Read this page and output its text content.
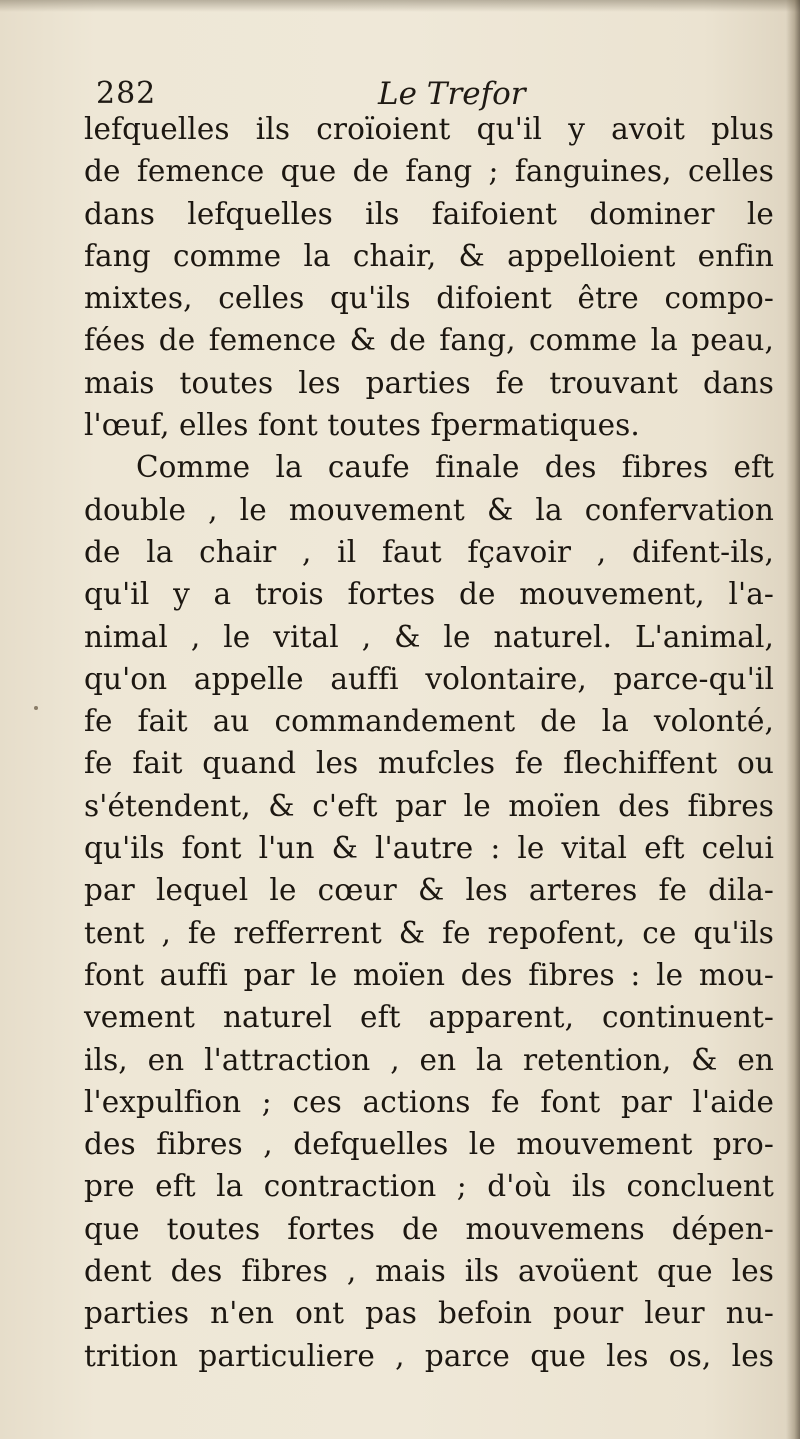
282	Le Trefor
lefquelles ils croïoient qu'il y avoit plus
de femence que de fang ; fanguines, celles
dans lefquelles ils faifoient dominer le
fang comme la chair, & appelloient enfin
mixtes, celles qu'ils difoient être compo-
fées de femence & de fang, comme la peau,
mais toutes les parties fe trouvant dans
l'œuf, elles font toutes fpermatiques.
Comme la caufe finale des fibres eft
double , le mouvement & la confervation
de la chair , il faut fçavoir , difent-ils,
qu'il y a trois fortes de mouvement, l'a-
nimal , le vital , & le naturel. L'animal,
qu'on appelle auffi volontaire, parce-qu'il
fe fait au commandement de la volonté,
fe fait quand les mufcles fe flechiffent ou
s'étendent, & c'eft par le moïen des fibres
qu'ils font l'un & l'autre : le vital eft celui
par lequel le cœur & les arteres fe dila-
tent , fe refferrent & fe repofent, ce qu'ils
font auffi par le moïen des fibres : le mou-
vement naturel eft apparent, continuent-
ils, en l'attraction , en la retention, & en
l'expulfion ; ces actions fe font par l'aide
des fibres , defquelles le mouvement pro-
pre eft la contraction ; d'où ils concluent
que toutes fortes de mouvemens dépen-
dent des fibres , mais ils avoüent que les
parties n'en ont pas befoin pour leur nu-
trition particuliere , parce que les os, les
